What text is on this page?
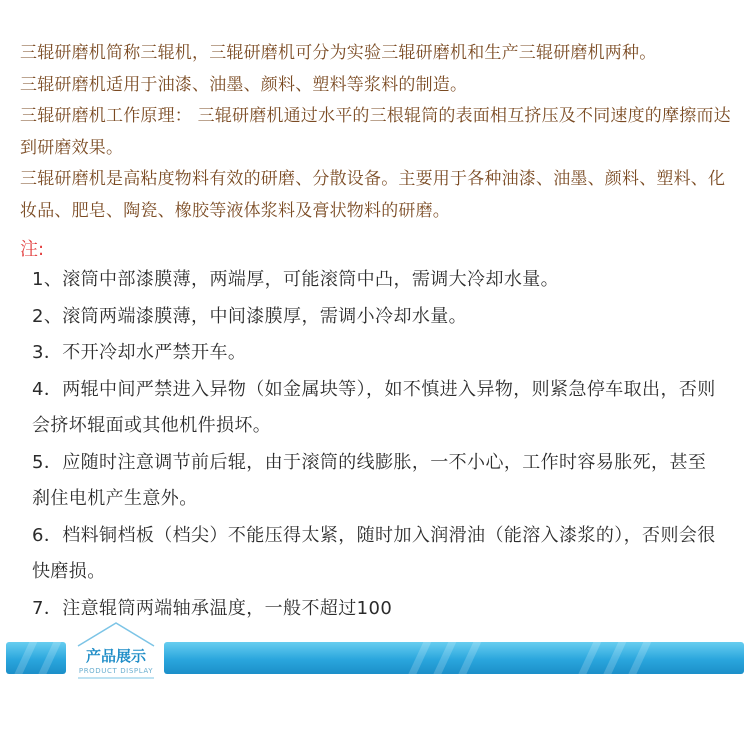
三辊研磨机简称三辊机，三辊研磨机可分为实验三辊研磨机和生产三辊研磨机两种。

三辊研磨机适用于油漆、油墨、颜料、塑料等浆料的制造。

三辊研磨机工作原理： 三辊研磨机通过水平的三根辊筒的表面相互挤压及不同速度的摩擦而达到研磨效果。

三辊研磨机是高粘度物料有效的研磨、分散设备。主要用于各种油漆、油墨、颜料、塑料、化妆品、肥皂、陶瓷、橡胶等液体浆料及膏状物料的研磨。

注:

1、滚筒中部漆膜薄，两端厚，可能滚筒中凸，需调大冷却水量。

2、滚筒两端漆膜薄，中间漆膜厚，需调小冷却水量。

3．不开冷却水严禁开车。

4．两辊中间严禁进入异物（如金属块等），如不慎进入异物，则紧急停车取出，否则会挤坏辊面或其他机件损坏。

5．应随时注意调节前后辊，由于滚筒的线膨胀，一不小心，工作时容易胀死，甚至刹住电机产生意外。

6．档料铜档板（档尖）不能压得太紧，随时加入润滑油（能溶入漆浆的），否则会很快磨损。

7．注意辊筒两端轴承温度，一般不超过100

产品展示
PRODUCT DISPLAY
